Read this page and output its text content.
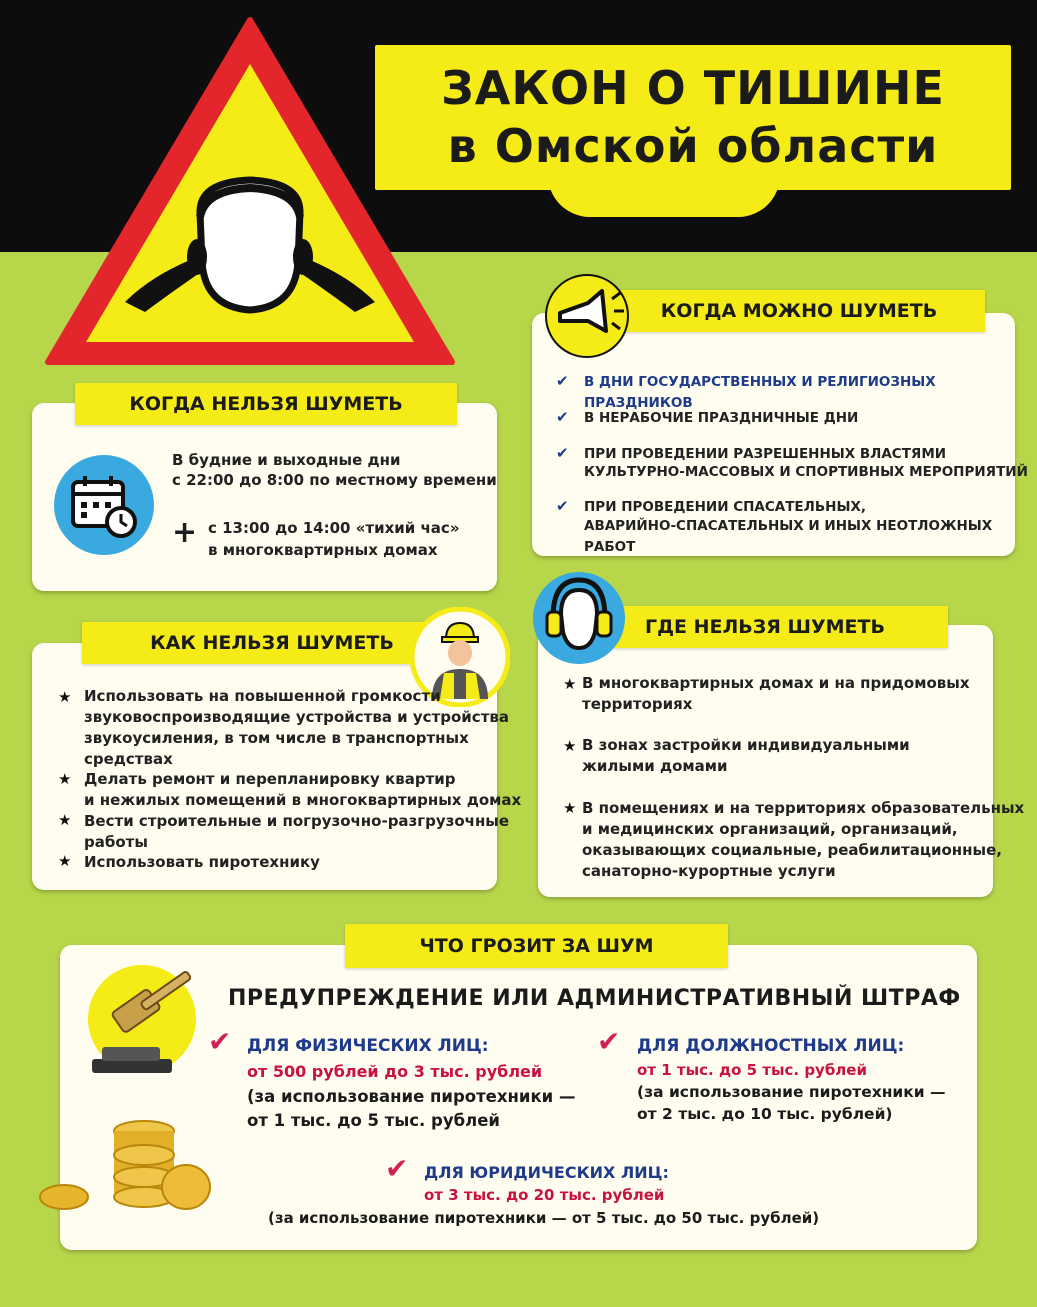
ЗАКОН О ТИШИНЕ
в Омской области
КОГДА МОЖНО ШУМЕТЬ
✔ В ДНИ ГОСУДАРСТВЕННЫХ И РЕЛИГИОЗНЫХ ПРАЗДНИКОВ
✔ В НЕРАБОЧИЕ ПРАЗДНИЧНЫЕ ДНИ
✔ ПРИ ПРОВЕДЕНИИ РАЗРЕШЕННЫХ ВЛАСТЯМИ
КУЛЬТУРНО-МАССОВЫХ И СПОРТИВНЫХ МЕРОПРИЯТИЙ
✔ ПРИ ПРОВЕДЕНИИ СПАСАТЕЛЬНЫХ,
АВАРИЙНО-СПАСАТЕЛЬНЫХ И ИНЫХ НЕОТЛОЖНЫХ РАБОТ
КОГДА НЕЛЬЗЯ ШУМЕТЬ
В будние и выходные дни
с 22:00 до 8:00 по местному времени
+ с 13:00 до 14:00 «тихий час»
в многоквартирных домах
КАК НЕЛЬЗЯ ШУМЕТЬ
★ Использовать на повышенной громкости
звуковоспроизводящие устройства и устройства
звукоусиления, в том числе в транспортных
средствах
★ Делать ремонт и перепланировку квартир
и нежилых помещений в многоквартирных домах
★ Вести строительные и погрузочно-разгрузочные
работы
★ Использовать пиротехнику
ГДЕ НЕЛЬЗЯ ШУМЕТЬ
★ В многоквартирных домах и на придомовых
территориях
★ В зонах застройки индивидуальными
жилыми домами
★ В помещениях и на территориях образовательных
и медицинских организаций, организаций,
оказывающих социальные, реабилитационные,
санаторно-курортные услуги
ЧТО ГРОЗИТ ЗА ШУМ
ПРЕДУПРЕЖДЕНИЕ ИЛИ АДМИНИСТРАТИВНЫЙ ШТРАФ
✔ ДЛЯ ФИЗИЧЕСКИХ ЛИЦ:
от 500 рублей до 3 тыс. рублей
(за использование пиротехники —
от 1 тыс. до 5 тыс. рублей
✔ ДЛЯ ДОЛЖНОСТНЫХ ЛИЦ:
от 1 тыс. до 5 тыс. рублей
(за использование пиротехники —
от 2 тыс. до 10 тыс. рублей)
✔ ДЛЯ ЮРИДИЧЕСКИХ ЛИЦ:
от 3 тыс. до 20 тыс. рублей
(за использование пиротехники — от 5 тыс. до 50 тыс. рублей)
